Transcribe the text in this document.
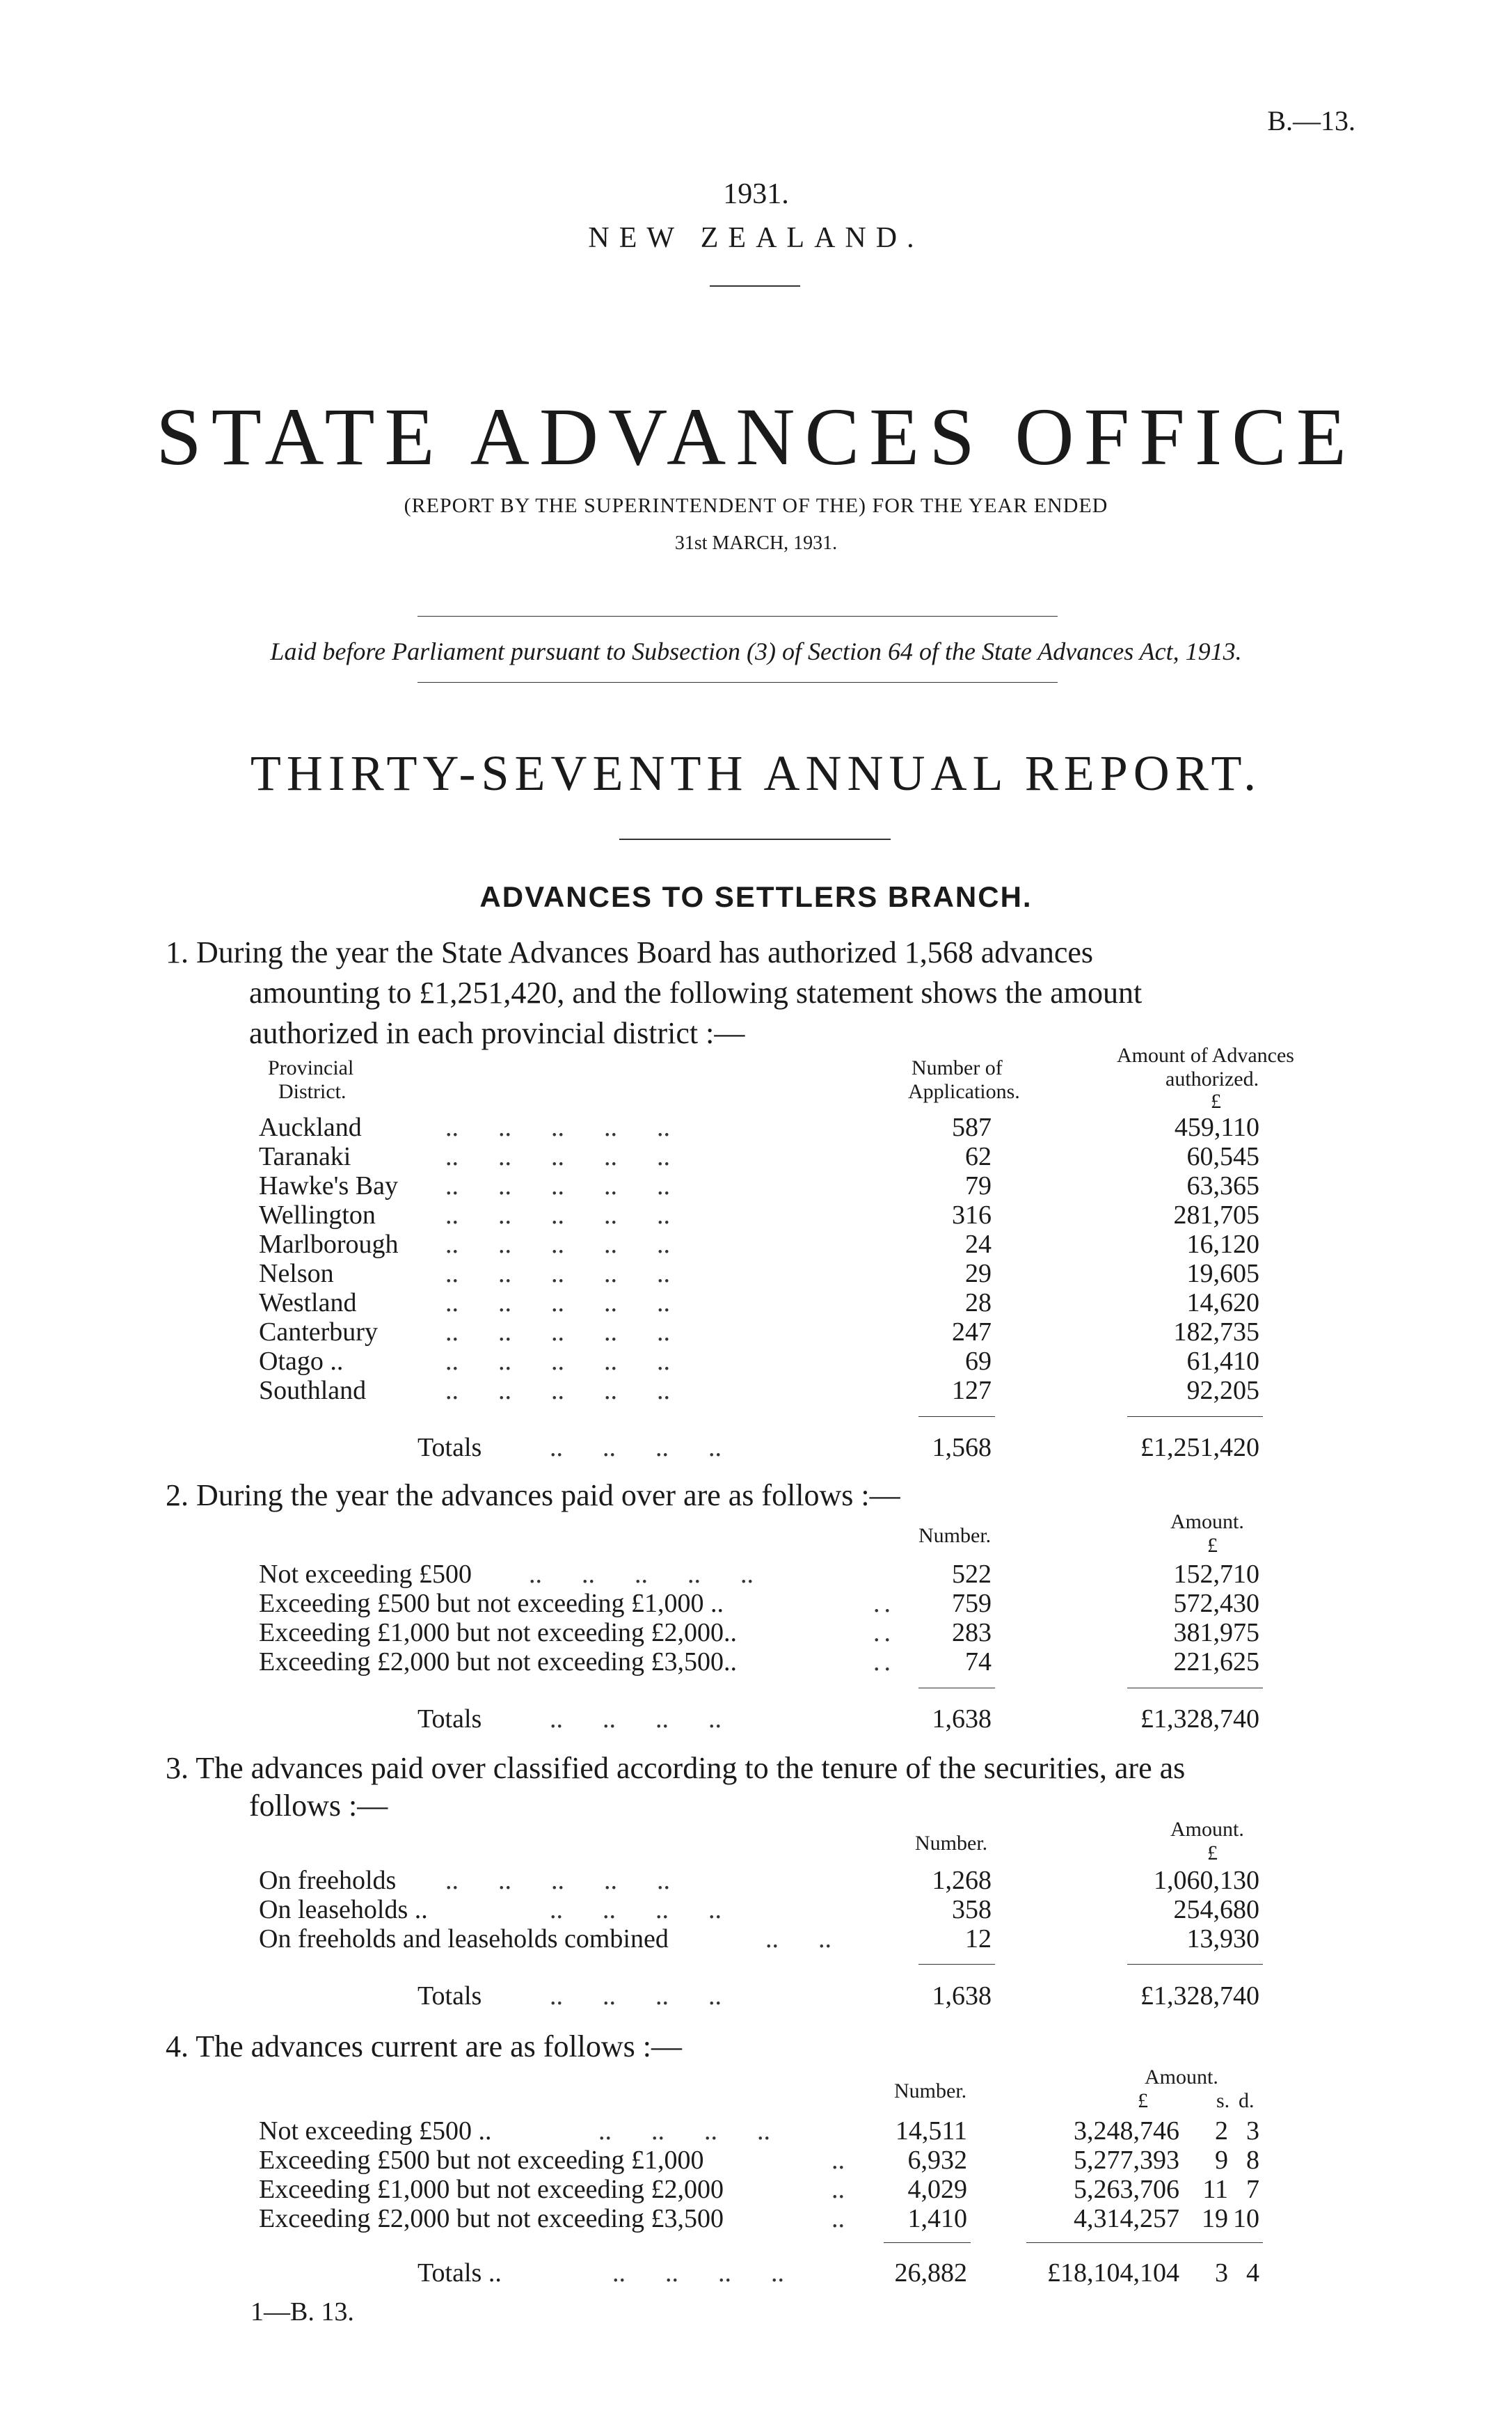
B.—13.
1931.
NEW ZEALAND.
STATE ADVANCES OFFICE
(REPORT BY THE SUPERINTENDENT OF THE) FOR THE YEAR ENDED
31st MARCH, 1931.
Laid before Parliament pursuant to Subsection (3) of Section 64 of the State Advances Act, 1913.
THIRTY-SEVENTH ANNUAL REPORT.
ADVANCES TO SETTLERS BRANCH.
1. During the year the State Advances Board has authorized 1,568 advances
amounting to £1,251,420, and the following statement shows the amount
authorized in each provincial district :—
Provincial
District.
Number of
Applications.
Amount of Advances
authorized.
£
Auckland	..      ..      ..      ..      ..	587	459,110
Taranaki	..      ..      ..      ..      ..	62	60,545
Hawke's Bay ..      ..      ..      ..      ..	79	63,365
Wellington	..      ..      ..      ..      ..	316	281,705
Marlborough ..      ..      ..      ..      ..	24	16,120
Nelson	..      ..      ..      ..      ..	29	19,605
Westland	..      ..      ..      ..      ..	28	14,620
Canterbury	..      ..      ..      ..      ..	247	182,735
Otago ..	..      ..      ..      ..      ..	69	61,410
Southland	..      ..      ..      ..      ..	127	92,205
Totals	..      ..      ..      ..	1,568	£1,251,420
2. During the year the advances paid over are as follows :—
Number.
Amount.
£
Not exceeding £500 ..      ..      ..      ..      ..	522	152,710
Exceeding £500 but not exceeding £1,000 ..	..	759	572,430
Exceeding £1,000 but not exceeding £2,000..	..	283	381,975
Exceeding £2,000 but not exceeding £3,500..	..	74	221,625
Totals	..      ..      ..      ..	1,638	£1,328,740
3. The advances paid over classified according to the tenure of the securities, are as
follows :—
Number.
Amount.
£
On freeholds ..      ..      ..      ..      ..	1,268	1,060,130
On leaseholds ..	..      ..      ..      ..	358	254,680
On freeholds and leaseholds combined	..      ..	12	13,930
Totals	..      ..      ..      ..	1,638	£1,328,740
4. The advances current are as follows :—
Number.
Amount.
£	s. d.
Not exceeding £500 ..	..      ..      ..      ..	14,511	3,248,746	2 3
Exceeding £500 but not exceeding £1,000	..	6,932	5,277,393	9 8
Exceeding £1,000 but not exceeding £2,000	..	4,029	5,263,706 11 7
Exceeding £2,000 but not exceeding £3,500	..	1,410	4,314,257 19 10
Totals ..	..      ..      ..      ..	26,882	£18,104,104	3 4
1—B. 13.
